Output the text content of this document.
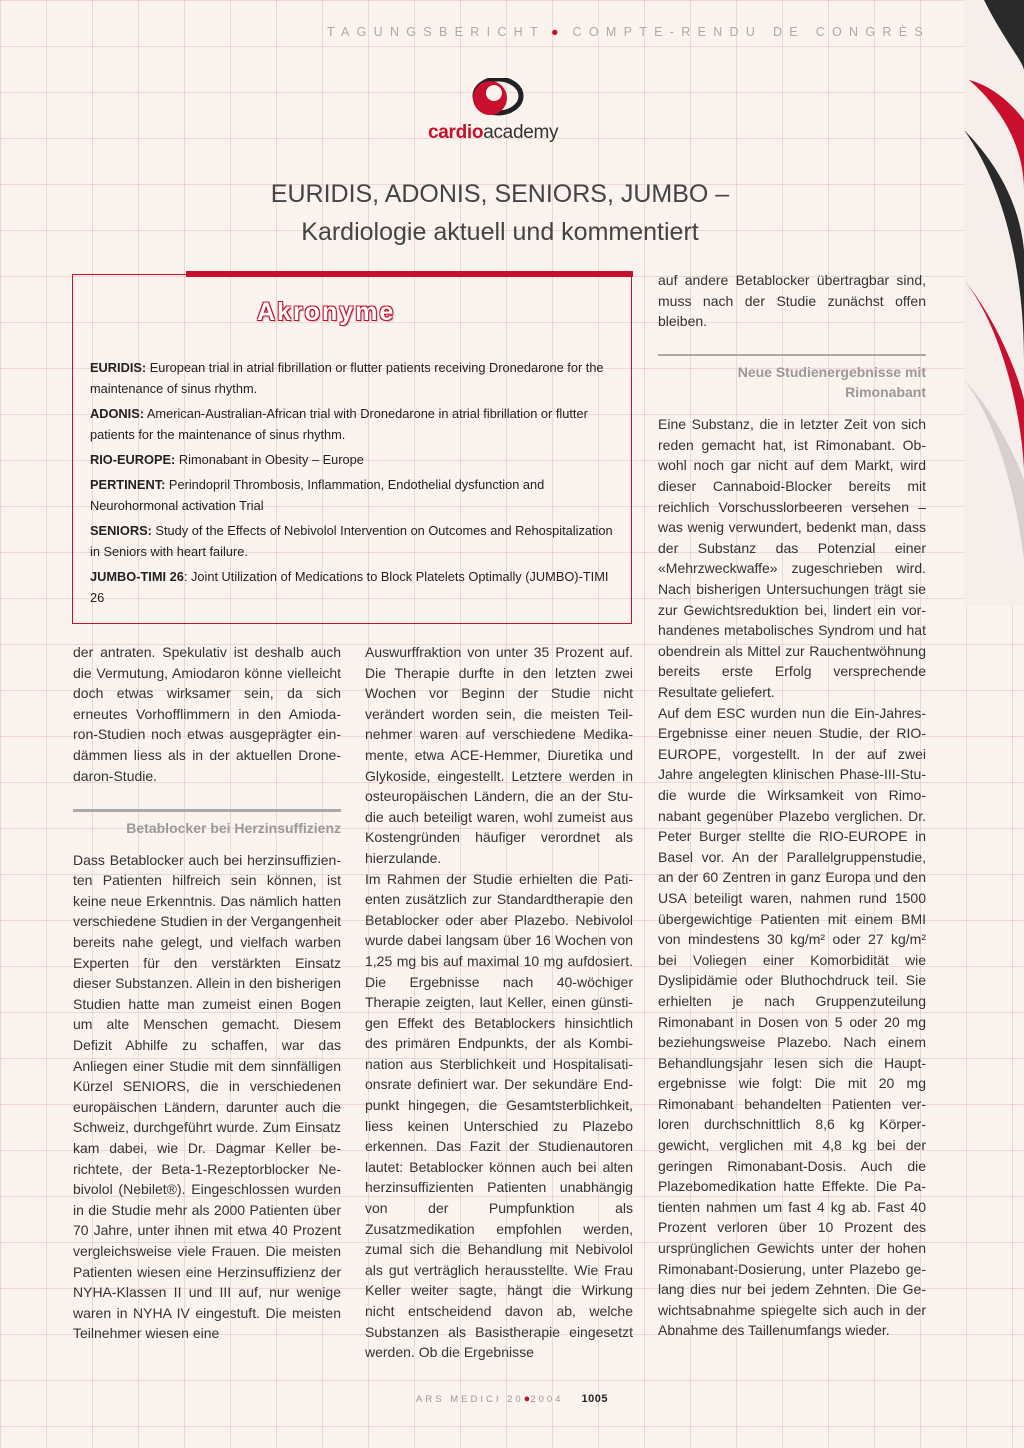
TAGUNGSBERICHT ● COMPTE-RENDU DE CONGRÈS
cardioacademy
EURIDIS, ADONIS, SENIORS, JUMBO –
Kardiologie aktuell und kommentiert
Akronyme

EURIDIS: European trial in atrial fibrillation or flutter patients receiving Dronedarone for the maintenance of sinus rhythm.

ADONIS: American-Australian-African trial with Dronedarone in atrial fibrillation or flutter patients for the maintenance of sinus rhythm.

RIO-EUROPE: Rimonabant in Obesity – Europe

PERTINENT: Perindopril Thrombosis, Inflammation, Endothelial dysfunction and Neurohormonal activation Trial

SENIORS: Study of the Effects of Nebivolol Intervention on Outcomes and Rehospitalization in Seniors with heart failure.

JUMBO-TIMI 26: Joint Utilization of Medications to Block Platelets Optimally (JUMBO)-TIMI 26

der antraten. Spekulativ ist deshalb auch die Vermutung, Amiodaron könne vielleicht doch etwas wirksamer sein, da sich erneutes Vorhofflimmern in den Amiodaron-Studien noch etwas ausgeprägter eindämmen liess als in der aktuellen Dronedaron-Studie.

Betablocker bei Herzinsuffizienz

Dass Betablocker auch bei herzinsuffizienten Patienten hilfreich sein können, ist keine neue Erkenntnis. Das nämlich hatten verschiedene Studien in der Vergangenheit bereits nahe gelegt, und vielfach warben Experten für den verstärkten Einsatz dieser Substanzen. Allein in den bisherigen Studien hatte man zumeist einen Bogen um alte Menschen gemacht. Diesem Defizit Abhilfe zu schaffen, war das Anliegen einer Studie mit dem sinnfälligen Kürzel SENIORS, die in verschiedenen europäischen Ländern, darunter auch die Schweiz, durchgeführt wurde. Zum Einsatz kam dabei, wie Dr. Dagmar Keller berichtete, der Beta-1-Rezeptorblocker Nebivolol (Nebilet®). Eingeschlossen wurden in die Studie mehr als 2000 Patienten über 70 Jahre, unter ihnen mit etwa 40 Prozent vergleichsweise viele Frauen. Die meisten Patienten wiesen eine Herzinsuffizienz der NYHA-Klassen II und III auf, nur wenige waren in NYHA IV eingestuft. Die meisten Teilnehmer wiesen eine

Auswurffraktion von unter 35 Prozent auf. Die Therapie durfte in den letzten zwei Wochen vor Beginn der Studie nicht verändert worden sein, die meisten Teilnehmer waren auf verschiedene Medikamente, etwa ACE-Hemmer, Diuretika und Glykoside, eingestellt. Letztere werden in osteuropäischen Ländern, die an der Studie auch beteiligt waren, wohl zumeist aus Kostengründen häufiger verordnet als hierzulande.

Im Rahmen der Studie erhielten die Patienten zusätzlich zur Standardtherapie den Betablocker oder aber Plazebo. Nebivolol wurde dabei langsam über 16 Wochen von 1,25 mg bis auf maximal 10 mg aufdosiert. Die Ergebnisse nach 40-wöchiger Therapie zeigten, laut Keller, einen günstigen Effekt des Betablockers hinsichtlich des primären Endpunkts, der als Kombination aus Sterblichkeit und Hospitalisationsrate definiert war. Der sekundäre Endpunkt hingegen, die Gesamtsterblichkeit, liess keinen Unterschied zu Plazebo erkennen. Das Fazit der Studienautoren lautet: Betablocker können auch bei alten herzinsuffizienten Patienten unabhängig von der Pumpfunktion als Zusatzmedikation empfohlen werden, zumal sich die Behandlung mit Nebivolol als gut verträglich herausstellte. Wie Frau Keller weiter sagte, hängt die Wirkung nicht entscheidend davon ab, welche Substanzen als Basistherapie eingesetzt werden. Ob die Ergebnisse

auf andere Betablocker übertragbar sind, muss nach der Studie zunächst offen bleiben.

Neue Studienergebnisse mit Rimonabant

Eine Substanz, die in letzter Zeit von sich reden gemacht hat, ist Rimonabant. Obwohl noch gar nicht auf dem Markt, wird dieser Cannaboid-Blocker bereits mit reichlich Vorschusslorbeeren versehen – was wenig verwundert, bedenkt man, dass der Substanz das Potenzial einer «Mehrzweckwaffe» zugeschrieben wird. Nach bisherigen Untersuchungen trägt sie zur Gewichtsreduktion bei, lindert ein vorhandenes metabolisches Syndrom und hat obendrein als Mittel zur Rauchentwöhnung bereits erste Erfolg versprechende Resultate geliefert.

Auf dem ESC wurden nun die Ein-Jahres-Ergebnisse einer neuen Studie, der RIO-EUROPE, vorgestellt. In der auf zwei Jahre angelegten klinischen Phase-III-Studie wurde die Wirksamkeit von Rimonabant gegenüber Plazebo verglichen. Dr. Peter Burger stellte die RIO-EUROPE in Basel vor. An der Parallelgruppenstudie, an der 60 Zentren in ganz Europa und den USA beteiligt waren, nahmen rund 1500 übergewichtige Patienten mit einem BMI von mindestens 30 kg/m² oder 27 kg/m² bei Voliegen einer Komorbidität wie Dyslipidämie oder Bluthochdruck teil. Sie erhielten je nach Gruppenzuteilung Rimonabant in Dosen von 5 oder 20 mg beziehungsweise Plazebo. Nach einem Behandlungsjahr lesen sich die Hauptergebnisse wie folgt: Die mit 20 mg Rimonabant behandelten Patienten verloren durchschnittlich 8,6 kg Körpergewicht, verglichen mit 4,8 kg bei der geringen Rimonabant-Dosis. Auch die Plazebomedikation hatte Effekte. Die Patienten nahmen um fast 4 kg ab. Fast 40 Prozent verloren über 10 Prozent des ursprünglichen Gewichts unter der hohen Rimonabant-Dosierung, unter Plazebo gelang dies nur bei jedem Zehnten. Die Gewichtsabnahme spiegelte sich auch in der Abnahme des Taillenumfangs wieder.

ARS MEDICI 20●2004 1005
